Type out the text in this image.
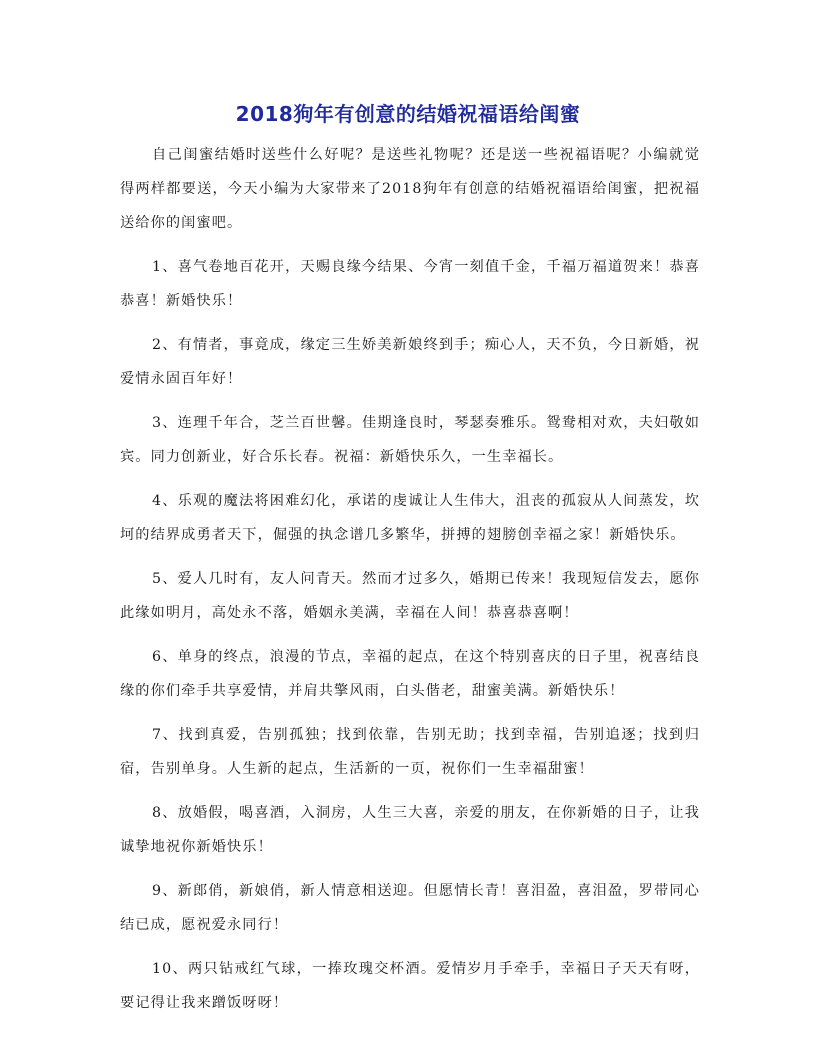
2018狗年有创意的结婚祝福语给闺蜜

自己闺蜜结婚时送些什么好呢？是送些礼物呢？还是送一些祝福语呢？小编就觉得两样都要送，今天小编为大家带来了2018狗年有创意的结婚祝福语给闺蜜，把祝福送给你的闺蜜吧。

1、喜气卷地百花开，天赐良缘今结果、今宵一刻值千金，千福万福道贺来！恭喜恭喜！新婚快乐！

2、有情者，事竟成，缘定三生娇美新娘终到手；痴心人，天不负，今日新婚，祝爱情永固百年好！

3、连理千年合，芝兰百世馨。佳期逢良时，琴瑟奏雅乐。鸳鸯相对欢，夫妇敬如宾。同力创新业，好合乐长春。祝福：新婚快乐久，一生幸福长。

4、乐观的魔法将困难幻化，承诺的虔诚让人生伟大，沮丧的孤寂从人间蒸发，坎坷的结界成勇者天下，倔强的执念谱几多繁华，拼搏的翅膀创幸福之家！新婚快乐。

5、爱人几时有，友人问青天。然而才过多久，婚期已传来！我现短信发去，愿你此缘如明月，高处永不落，婚姻永美满，幸福在人间！恭喜恭喜啊！

6、单身的终点，浪漫的节点，幸福的起点，在这个特别喜庆的日子里，祝喜结良缘的你们牵手共享爱情，并肩共擎风雨，白头偕老，甜蜜美满。新婚快乐！

7、找到真爱，告别孤独；找到依靠，告别无助；找到幸福，告别追逐；找到归宿，告别单身。人生新的起点，生活新的一页，祝你们一生幸福甜蜜！

8、放婚假，喝喜酒，入洞房，人生三大喜，亲爱的朋友，在你新婚的日子，让我诚挚地祝你新婚快乐！

9、新郎俏，新娘俏，新人情意相送迎。但愿情长青！喜泪盈，喜泪盈，罗带同心结已成，愿祝爱永同行！

10、两只钻戒红气球，一捧玫瑰交杯酒。爱情岁月手牵手，幸福日子天天有呀，要记得让我来蹭饭呀呀！
